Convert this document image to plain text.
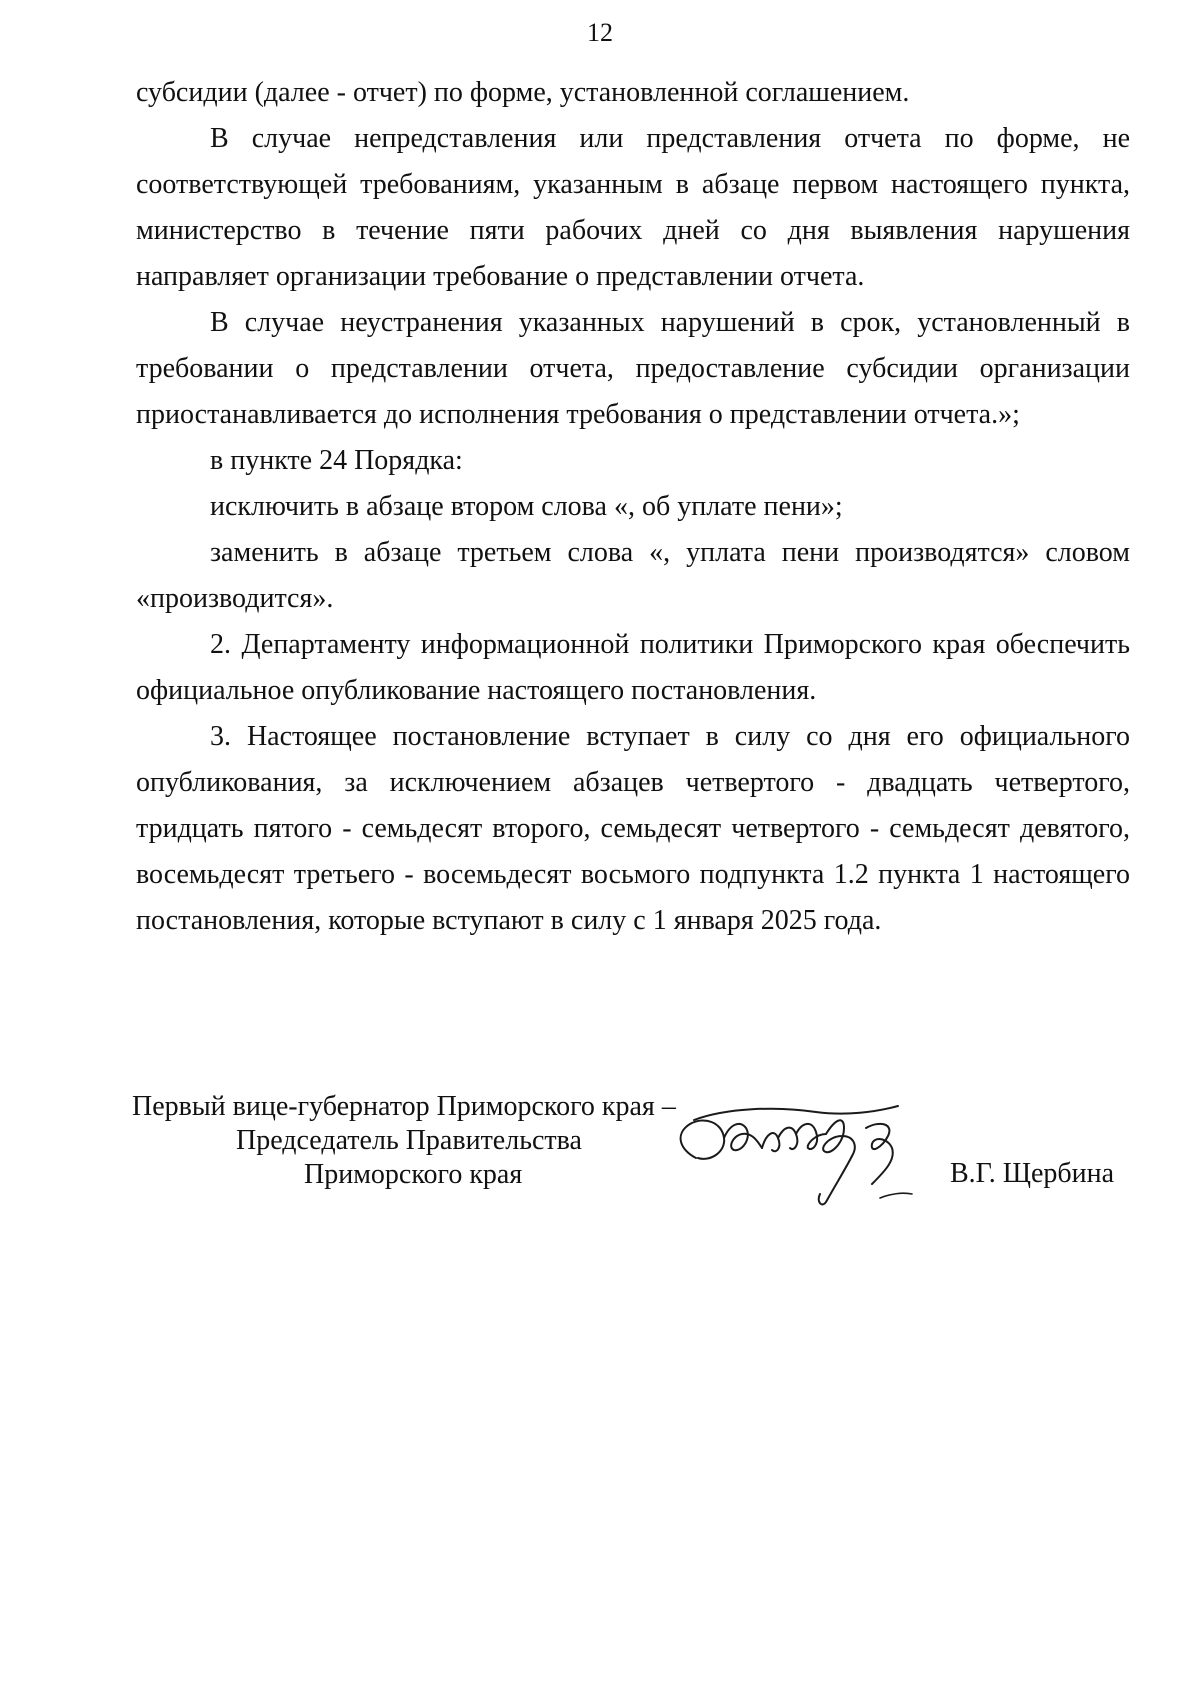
12

субсидии (далее - отчет) по форме, установленной соглашением.

В случае непредставления или представления отчета по форме, не соответствующей требованиям, указанным в абзаце первом настоящего пункта, министерство в течение пяти рабочих дней со дня выявления нарушения направляет организации требование о представлении отчета.

В случае неустранения указанных нарушений в срок, установленный в требовании о представлении отчета, предоставление субсидии организации приостанавливается до исполнения требования о представлении отчета.»;

в пункте 24 Порядка:

исключить в абзаце втором слова «, об уплате пени»;

заменить в абзаце третьем слова «, уплата пени производятся» словом «производится».

2. Департаменту информационной политики Приморского края обеспечить официальное опубликование настоящего постановления.

3. Настоящее постановление вступает в силу со дня его официального опубликования, за исключением абзацев четвертого - двадцать четвертого, тридцать пятого - семьдесят второго, семьдесят четвертого - семьдесят девятого, восемьдесят третьего - восемьдесят восьмого подпункта 1.2 пункта 1 настоящего постановления, которые вступают в силу с 1 января 2025 года.

Первый вице-губернатор Приморского края –
Председатель Правительства
Приморского края	В.Г. Щербина
